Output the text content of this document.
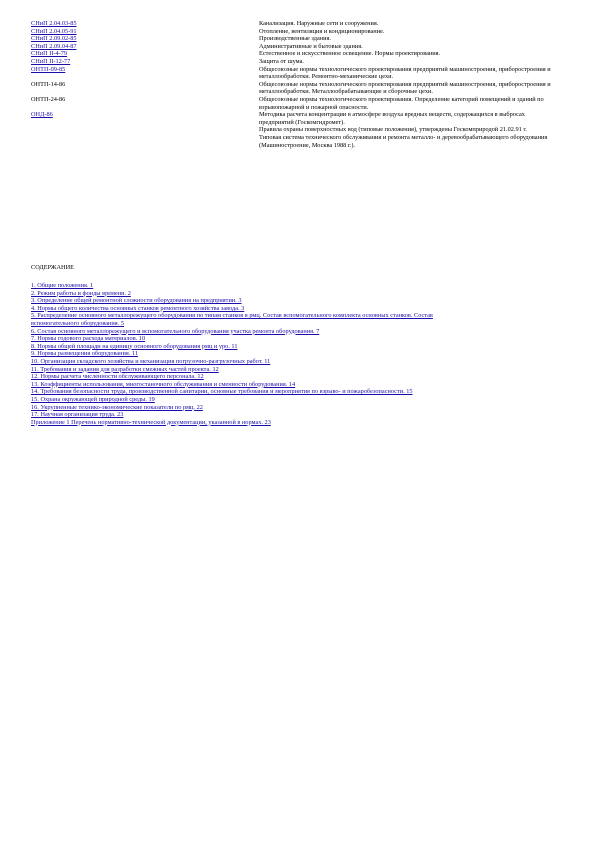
СНиП 2.04.03-85	Канализация. Наружные сети и сооружения.
СНиП 2.04.05-91	Отопление, вентиляция и кондиционирование.
СНиП 2.09.02-85	Производственные здания.
СНиП 2.09.04-87	Административные и бытовые здания.
СНиП II-4-79	Естественное и искусственное освещение. Нормы проектирования.
СНиП II-12-77	Защита от шума.
ОНТП-09-85	Общесоюзные нормы технологического проектирования предприятий машиностроения, приборостроения и металлообработки. Ремонтно-механические цехи.
ОНТП-14-86	Общесоюзные нормы технологического проектирования предприятий машиностроения, приборостроения и металлообработки. Металлообрабатывающие и сборочные цехи.
ОНТП-24-86	Общесоюзные нормы технологического проектирования. Определение категорий помещений и зданий по взрывопожарной и пожарной опасности.
ОНД-86	Методика расчета концентрации в атмосфере воздуха вредных веществ, содержащихся в выбросах предприятий (Госкомгидромет).
Правила охраны поверхностных вод (типовые положения), утверждены Госкомприродой 21.02.91 г.
Типовая система технического обслуживания и ремонта металло- и деревообрабатывающего оборудования (Машиностроение, Москва 1988 г.).
СОДЕРЖАНИЕ
1. Общие положения. 1
2. Режим работы и фонды времени. 2
3. Определение общей ремонтной сложности оборудования на предприятии. 3
4. Нормы общего количества основных станков ремонтного хозяйства завода. 3
5. Распределение основного металлорежущего оборудования по типам станков в рмц. Состав вспомогательного комплекта основных станков. Состав вспомогательного оборудования. 5
6. Состав основного металлорежущего и вспомогательного оборудования участка ремонта оборудования. 7
7. Нормы годового расхода материалов. 10
8. Нормы общей площади на единицу основного оборудования рмц и уро. 11
9. Нормы размещения оборудования. 11
10. Организация складского хозяйства и механизация погрузочно-разгрузочных работ. 11
11. Требования и задания для разработки смежных частей проекта. 12
12. Нормы расчета численности обслуживающего персонала. 12
13. Коэффициенты использования, многостаночного обслуживания и сменности оборудования. 14
14. Требования безопасности труда, производственной санитарии, основные требования и мероприятия по взрыво- и пожаробезопасности. 15
15. Охрана окружающей природной среды. 19
16. Укрупненные технико-экономические показатели по рмц. 22
17. Научная организация труда. 23
Приложение 1 Перечень нормативно-технической документации, указанной в нормах. 23
